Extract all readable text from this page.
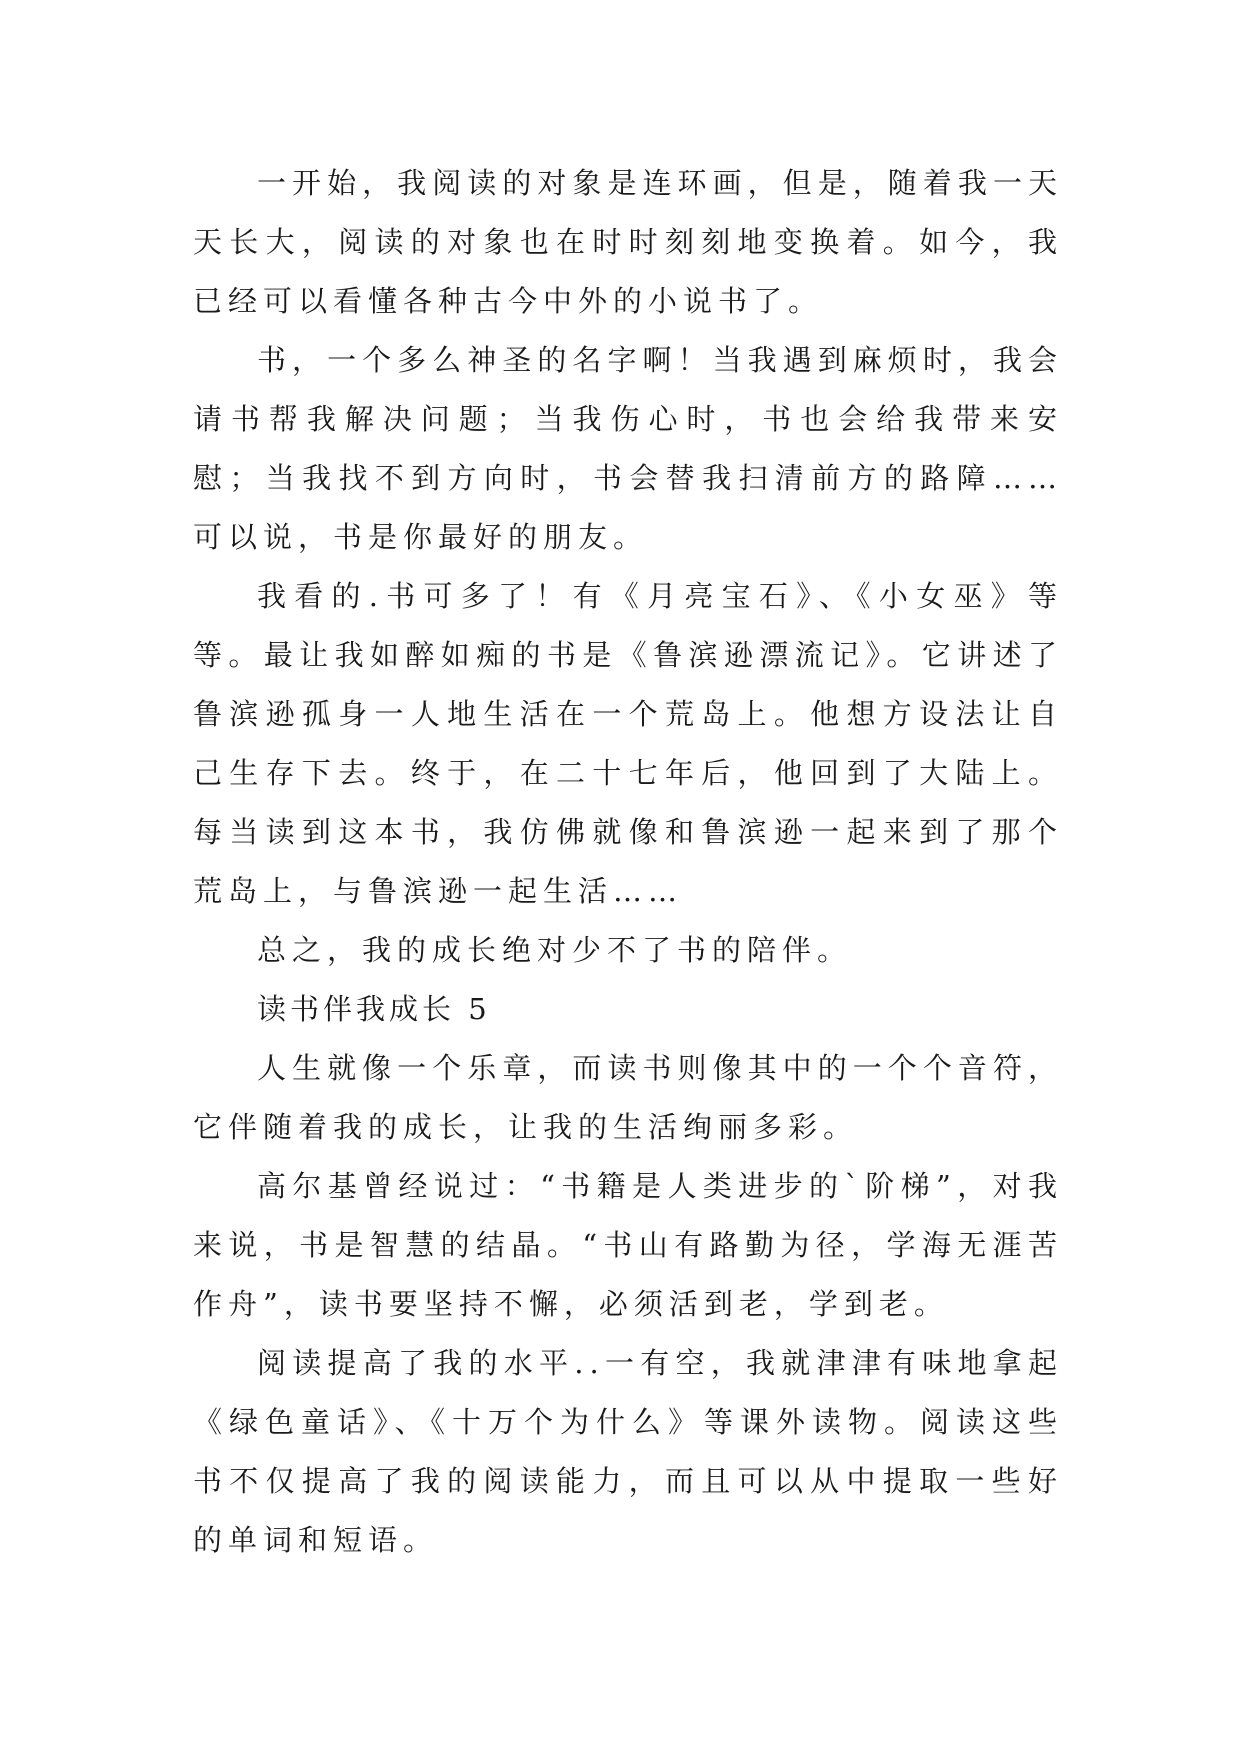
一开始，我阅读的对象是连环画，但是，随着我一天天长大，阅读的对象也在时时刻刻地变换着。如今，我已经可以看懂各种古今中外的小说书了。

书，一个多么神圣的名字啊！当我遇到麻烦时，我会请书帮我解决问题；当我伤心时，书也会给我带来安慰；当我找不到方向时，书会替我扫清前方的路障……可以说，书是你最好的朋友。

我看的.书可多了！有《月亮宝石》、《小女巫》等等。最让我如醉如痴的书是《鲁滨逊漂流记》。它讲述了鲁滨逊孤身一人地生活在一个荒岛上。他想方设法让自己生存下去。终于，在二十七年后，他回到了大陆上。每当读到这本书，我仿佛就像和鲁滨逊一起来到了那个荒岛上，与鲁滨逊一起生活……

总之，我的成长绝对少不了书的陪伴。

读书伴我成长 5

人生就像一个乐章，而读书则像其中的一个个音符，它伴随着我的成长，让我的生活绚丽多彩。

高尔基曾经说过：“书籍是人类进步的`阶梯”，对我来说，书是智慧的结晶。“书山有路勤为径，学海无涯苦作舟”，读书要坚持不懈，必须活到老，学到老。

阅读提高了我的水平..一有空，我就津津有味地拿起《绿色童话》、《十万个为什么》等课外读物。阅读这些书不仅提高了我的阅读能力，而且可以从中提取一些好的单词和短语。
